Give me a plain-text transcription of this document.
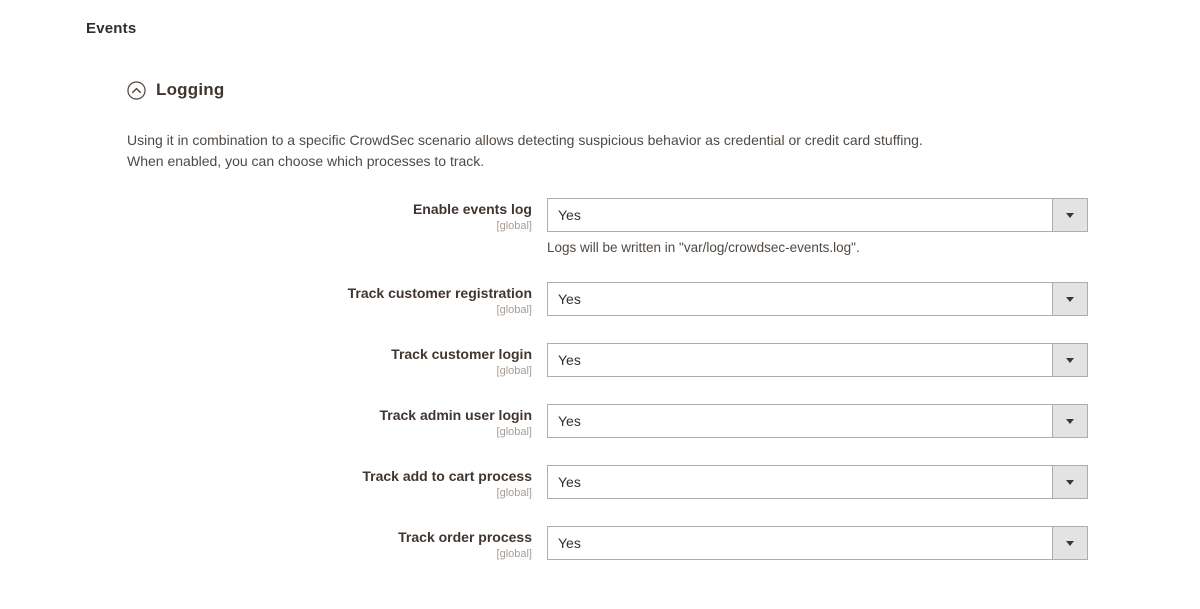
Events
Logging
Using it in combination to a specific CrowdSec scenario allows detecting suspicious behavior as credential or credit card stuffing.
When enabled, you can choose which processes to track.
Enable events log
[global]
Yes
Logs will be written in "var/log/crowdsec-events.log".
Track customer registration
[global]
Yes
Track customer login
[global]
Yes
Track admin user login
[global]
Yes
Track add to cart process
[global]
Yes
Track order process
[global]
Yes
